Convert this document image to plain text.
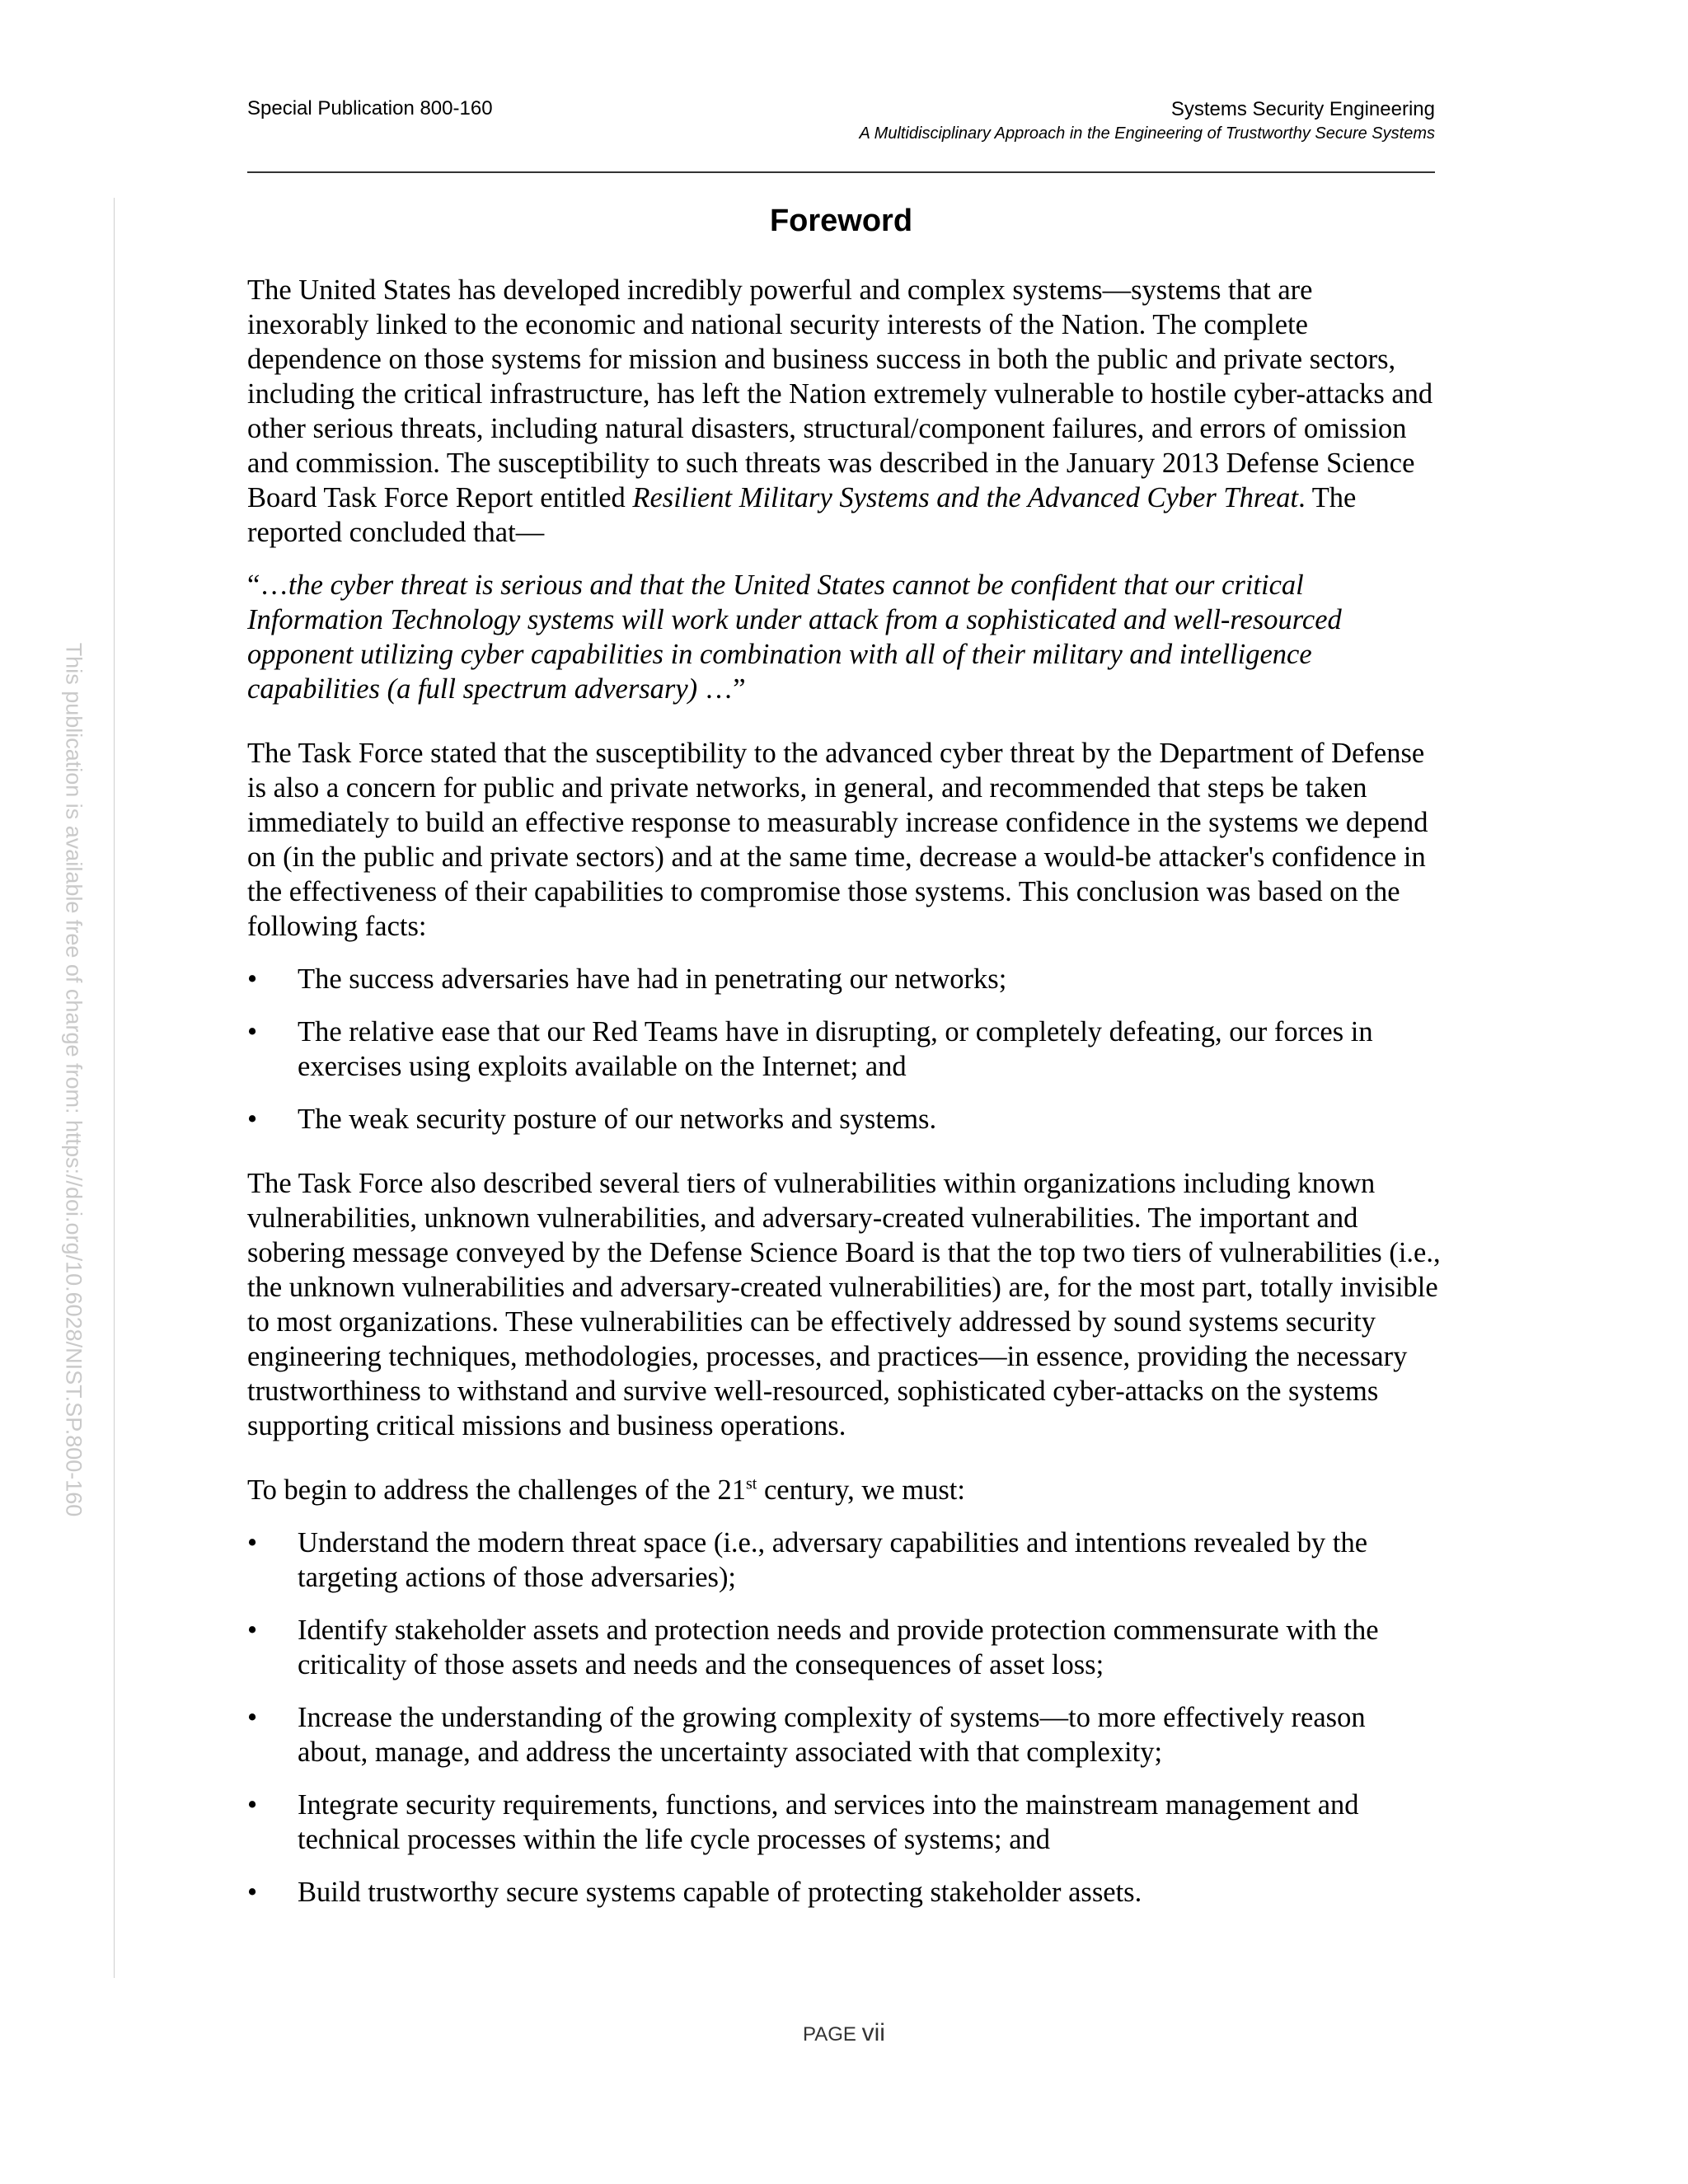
Special Publication 800-160	Systems Security Engineering
A Multidisciplinary Approach in the Engineering of Trustworthy Secure Systems
This publication is available free of charge from: https://doi.org/10.6028/NIST.SP.800-160
Foreword

The United States has developed incredibly powerful and complex systems—systems that are inexorably linked to the economic and national security interests of the Nation. The complete dependence on those systems for mission and business success in both the public and private sectors, including the critical infrastructure, has left the Nation extremely vulnerable to hostile cyber-attacks and other serious threats, including natural disasters, structural/component failures, and errors of omission and commission. The susceptibility to such threats was described in the January 2013 Defense Science Board Task Force Report entitled Resilient Military Systems and the Advanced Cyber Threat. The reported concluded that—

“…the cyber threat is serious and that the United States cannot be confident that our critical Information Technology systems will work under attack from a sophisticated and well-resourced opponent utilizing cyber capabilities in combination with all of their military and intelligence capabilities (a full spectrum adversary) …”

The Task Force stated that the susceptibility to the advanced cyber threat by the Department of Defense is also a concern for public and private networks, in general, and recommended that steps be taken immediately to build an effective response to measurably increase confidence in the systems we depend on (in the public and private sectors) and at the same time, decrease a would-be attacker's confidence in the effectiveness of their capabilities to compromise those systems. This conclusion was based on the following facts:

• The success adversaries have had in penetrating our networks;
• The relative ease that our Red Teams have in disrupting, or completely defeating, our forces in exercises using exploits available on the Internet; and
• The weak security posture of our networks and systems.

The Task Force also described several tiers of vulnerabilities within organizations including known vulnerabilities, unknown vulnerabilities, and adversary-created vulnerabilities. The important and sobering message conveyed by the Defense Science Board is that the top two tiers of vulnerabilities (i.e., the unknown vulnerabilities and adversary-created vulnerabilities) are, for the most part, totally invisible to most organizations. These vulnerabilities can be effectively addressed by sound systems security engineering techniques, methodologies, processes, and practices—in essence, providing the necessary trustworthiness to withstand and survive well-resourced, sophisticated cyber-attacks on the systems supporting critical missions and business operations.

To begin to address the challenges of the 21st century, we must:

• Understand the modern threat space (i.e., adversary capabilities and intentions revealed by the targeting actions of those adversaries);
• Identify stakeholder assets and protection needs and provide protection commensurate with the criticality of those assets and needs and the consequences of asset loss;
• Increase the understanding of the growing complexity of systems—to more effectively reason about, manage, and address the uncertainty associated with that complexity;
• Integrate security requirements, functions, and services into the mainstream management and technical processes within the life cycle processes of systems; and
• Build trustworthy secure systems capable of protecting stakeholder assets.
PAGE vii
